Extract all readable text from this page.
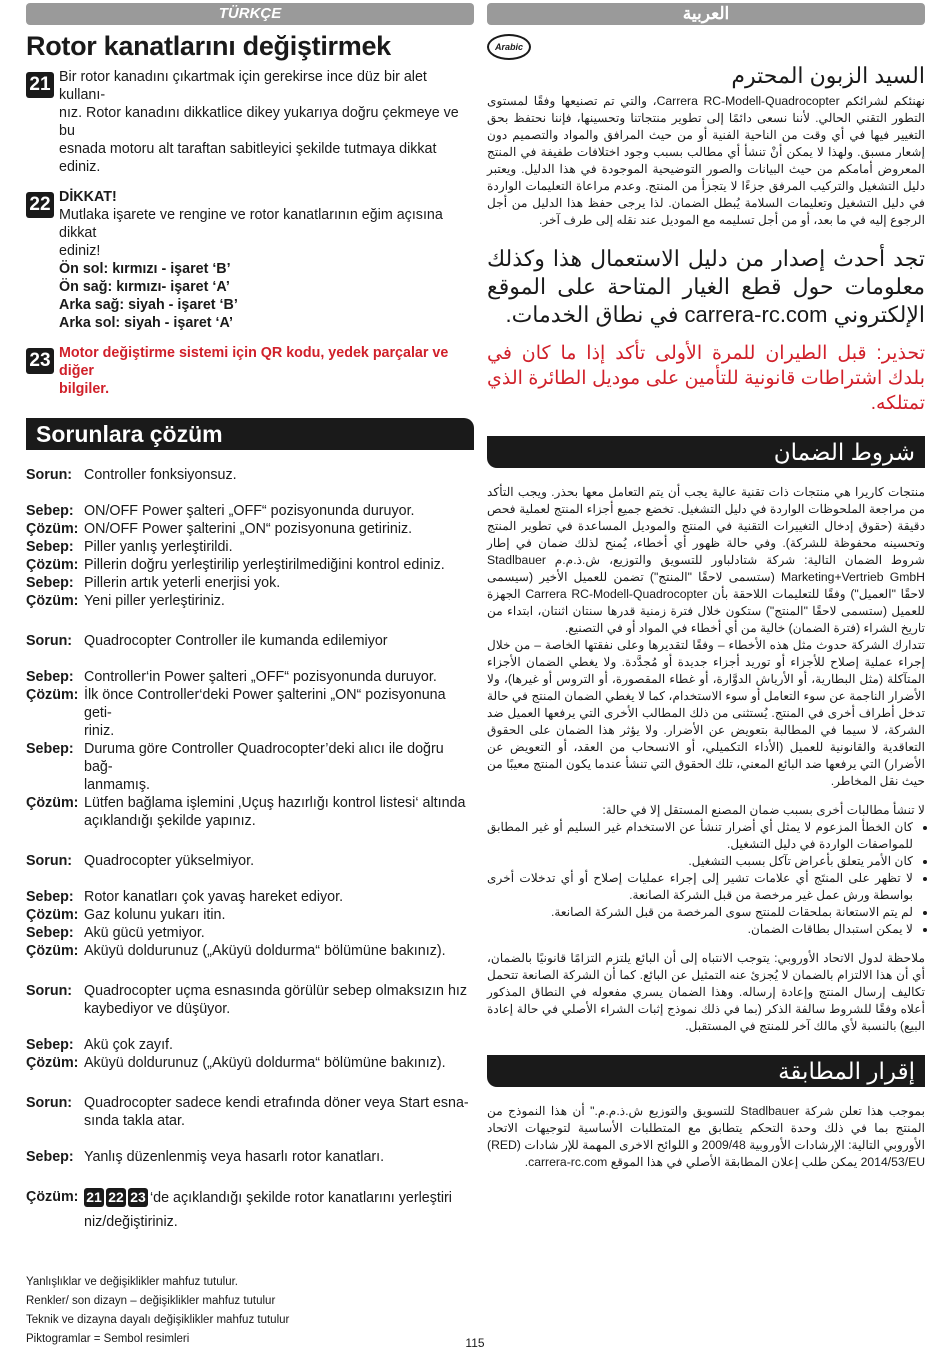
TÜRKÇE
Rotor kanatlarını değiştirmek
21 Bir rotor kanadını çıkartmak için gerekirse ince düz bir alet kullanı-
nız. Rotor kanadını dikkatlice dikey yukarıya doğru çekmeye ve bu
esnada motoru alt taraftan sabitleyici şekilde tutmaya dikkat ediniz.
22 DİKKAT!
Mutlaka işarete ve rengine ve rotor kanatlarının eğim açısına dikkat
ediniz!
Ön sol: kırmızı - işaret ‘B’
Ön sağ: kırmızı- işaret ‘A’
Arka sağ: siyah - işaret ‘B’
Arka sol: siyah - işaret ‘A’
23 Motor değiştirme sistemi için QR kodu, yedek parçalar ve diğer
bilgiler.
Sorunlara çözüm
Sorun:	Controller fonksiyonsuz.

Sebep:	ON/OFF Power şalteri „OFF“ pozisyonunda duruyor.
Çözüm:	ON/OFF Power şalterini „ON“ pozisyonuna getiriniz.
Sebep:	Piller yanlış yerleştirildi.
Çözüm:	Pillerin doğru yerleştirilip yerleştirilmediğini kontrol ediniz.
Sebep:	Pillerin artık yeterli enerjisi yok.
Çözüm:	Yeni piller yerleştiriniz.
Sorun:	Quadrocopter Controller ile kumanda edilemiyor

Sebep:	Controller‘in Power şalteri „OFF“ pozisyonunda duruyor.
Çözüm:	İlk önce Controller‘deki Power şalterini „ON“ pozisyonuna geti-
riniz.
Sebep:	Duruma göre Controller Quadrocopter’deki alıcı ile doğru bağ-
lanmamış.
Çözüm:	Lütfen bağlama işlemini ‚Uçuş hazırlığı kontrol listesi‘ altında
açıklandığı şekilde yapınız.
Sorun:	Quadrocopter yükselmiyor.

Sebep:	Rotor kanatları çok yavaş hareket ediyor.
Çözüm:	Gaz kolunu yukarı itin.
Sebep:	Akü gücü yetmiyor.
Çözüm:	Aküyü doldurunuz („Aküyü doldurma“ bölümüne bakınız).
Sorun:	Quadrocopter uçma esnasında görülür sebep olmaksızın hız
kaybediyor ve düşüyor.

Sebep:	Akü çok zayıf.
Çözüm:	Aküyü doldurunuz („Aküyü doldurma“ bölümüne bakınız).
Sorun:	Quadrocopter sadece kendi etrafında döner veya Start esna-
sında takla atar.

Sebep:	Yanlış düzenlenmiş veya hasarlı rotor kanatları.
Çözüm:	21 22 23 ‘de açıklandığı şekilde rotor kanatlarını yerleştiri
niz/değiştiriniz.
Yanlışlıklar ve değişiklikler mahfuz tutulur.
Renkler/ son dizayn – değişiklikler mahfuz tutulur
Teknik ve dizayna dayalı değişiklikler mahfuz tutulur
Piktogramlar = Sembol resimleri
العربية
Arabic
السيد الزبون المحترم

نهنئكم لشرائكم Carrera RC-Modell-Quadrocopter، والتي تم تصنيعها وفقًا لمستوى التطور التقني الحالي. لأننا نسعى دائمًا إلى تطوير منتجاتنا وتحسينها، فإننا نحتفظ بحق التغيير فيها في أي وقت من الناحية الفنية أو من حيث المرافق والمواد والتصميم دون إشعار مسبق. ولهذا لا يمكن أنْ تنشأ أي مطالب بسبب وجود اختلافات طفيفة في المنتج المعروض أمامكم من حيث البيانات والصور التوضيحية الموجودة في هذا الدليل. ويعتبر دليل التشغيل والتركيب المرفق جزءًا لا يتجزأ من المنتج. وعدم مراعاة التعليمات الواردة في دليل التشغيل وتعليمات السلامة يُبطل الضمان. لذا يرجى حفظ هذا الدليل من أجل الرجوع إليه في ما بعد، أو من أجل تسليمه مع الموديل عند نقله إلى طرف آخر.

تجد أحدث إصدار من دليل الاستعمال هذا وكذلك معلومات حول قطع الغيار المتاحة على الموقع الإلكتروني carrera-rc.com في نطاق الخدمات.

تحذير: قبل الطيران للمرة الأولى تأكد إذا ما كان في بلدك اشتراطات قانونية للتأمين على موديل الطائرة الذي تمتلكه.

شروط الضمان

منتجات كاريرا هي منتجات ذات تقنية عالية يجب أن يتم التعامل معها بحذر. ويجب التأكد من مراجعة الملحوظات الواردة في دليل التشغيل. تخضع جميع أجزاء المنتج لعملية فحص دقيقة (حقوق إدخال التغييرات التقنية في المنتج والموديل المساعدة في تطوير المنتج وتحسينه محفوظة للشركة). وفي حالة ظهور أي أخطاء، يُمنح لذلك ضمان في إطار شروط الضمان التالية: شركة شتادلباور للتسويق والتوزيع، ش.ذ.م.م Stadlbauer Marketing+Vertrieb GmbH (ستسمى لاحقًا "المنتج") تضمن للعميل الأخير (سيسمى لاحقًا "العميل") وفقًا للتعليمات اللاحقة بأن Carrera RC-Modell-Quadrocopter الجهزة للعميل (ستسمى لاحقًا "المنتج") ستكون خلال فترة زمنية قدرها سنتان اثنتان، ابتداء من تاريخ الشراء (فترة الضمان) خالية من أي أخطاء في المواد أو في التصنيع.

تتدارك الشركة حدوث مثل هذه الأخطاء – وفقًا لتقديرها وعلى نفقتها الخاصة – من خلال إجراء عملية إصلاح للأجزاء أو توريد أجزاء جديدة أو مُجدَّدة. ولا يغطي الضمان الأجزاء المتآكلة (مثل البطارية، أو الأرياش الدوَّارة، أو غطاء المقصورة، أو التروس أو غيرها)، ولا الأضرار الناجمة عن سوء التعامل أو سوء الاستخدام، كما لا يغطي الضمان المنتج في حالة تدخل أطراف أخرى في المنتج. يُستثنى من ذلك المطالب الأخرى التي يرفعها العميل ضد الشركة، لا سيما في المطالبة بتعويض عن الأضرار. ولا يؤثر هذا الضمان على الحقوق التعاقدية والقانونية للعميل (الأداء التكميلي، أو الانسحاب من العقد، أو التعويض عن الأضرار) التي يرفعها ضد البائع المعني، تلك الحقوق التي تنشأ عندما يكون المنتج معيبًا من حيث نقل المخاطر.

لا تنشأ مطالبات أخرى بسبب ضمان المصنع المستقل إلا في حالة:

• كان الخطأ المزعوم لا يمثل أي أضرار تنشأ عن الاستخدام غير السليم أو غير المطابق للمواصفات الواردة في دليل التشغيل.
• كان الأمر يتعلق بأعراض تآكل بسبب التشغيل.
• لا تظهر على المنتَج أي علامات تشير إلى إجراء عمليات إصلاح أو أي تدخلات أخرى بواسطة ورش عمل غير مرخصة من قبل الشركة الصانعة.
• لم يتم الاستعانة بملحقات للمنتج سوى المرخصة من قبل الشركة الصانعة.
• لا يمكن استبدال بطاقات الضمان.

ملاحظة لدول الاتحاد الأوروبي: يتوجب الانتباه إلى أن البائع يلتزم التزامًا قانونيًا بالضمان، أي أن هذا الالتزام بالضمان لا يُجزئ عنه التمثيل عن البائع. كما أن الشركة الصانعة تتحمل تكاليف إرسال المنتج وإعادة إرساله. وهذا الضمان يسري مفعوله في النطاق المذكور أعلاه وفقًا للشروط سالفة الذكر (بما في ذلك نموذج إثبات الشراء الأصلي في حالة إعادة البيع) بالنسبة لأي مالك آخر للمنتج في المستقبل.

إقرار المطابقة

بموجب هذا تعلن شركة Stadlbauer للتسويق والتوزيع ش.ذ.م.م." أن هذا النموذج من المنتج بما في ذلك وحدة التحكم يتطابق مع المتطلبات الأساسية لتوجيهات الاتحاد الأوروبي التالية: الإرشادات الأوروبية 2009/48 و اللوائح الاخرى المهمة للإر شادات (RED) 2014/53/EU يمكن طلب إعلان المطابقة الأصلي في هذا الموقع carrera-rc.com.

115
